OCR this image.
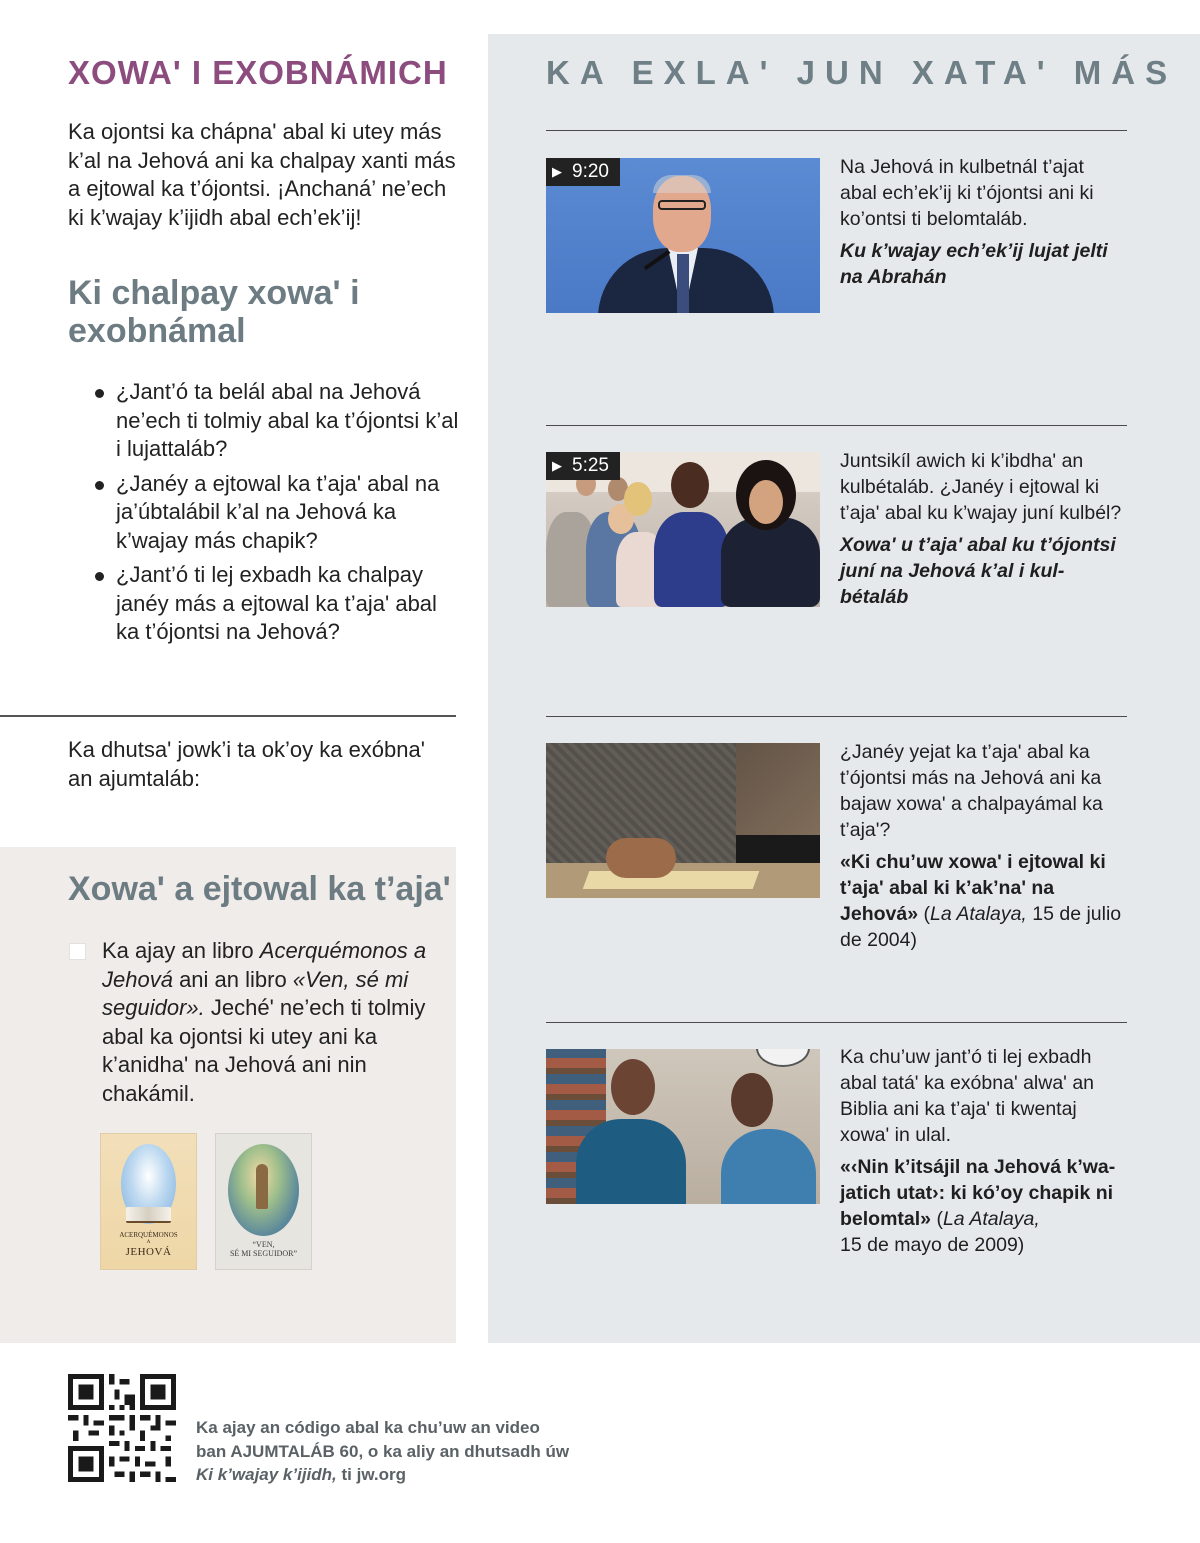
XOWA' I EXOBNÁMICH
Ka ojontsi ka chápna' abal ki utey más k’al na Jehová ani ka chalpay xanti más a ejtowal ka t’ójontsi. ¡Anchaná’ ne’ech ki k’wajay k’ijidh abal ech’ek’ij!
Ki chalpay xowa' i exobnámal
¿Jant’ó ta belál abal na Jehová ne’ech ti tolmiy abal ka t’ójontsi k’al i lujattaláb?
¿Janéy a ejtowal ka t’aja' abal na ja’úbtalábil k’al na Jehová ka k’wajay más chapik?
¿Jant’ó ti lej exbadh ka chalpay janéy más a ejtowal ka t’aja' abal ka t’ójontsi na Jehová?
Ka dhutsa' jowk’i ta ok’oy ka exóbna' an ajumtaláb:
Xowa' a ejtowal ka t’aja'
Ka ajay an libro Acerquémonos a Jehová ani an libro «Ven, sé mi seguidor». Jeché' ne’ech ti tolmiy abal ka ojontsi ki utey ani ka k’anidha' na Jehová ani nin chakámil.
ACERQUÉMONOS
A
JEHOVÁ
“VEN,
SÉ MI SEGUIDOR”
KA EXLA' JUN XATA' MÁS
▶ 9:20	Na Jehová in kulbetnál t’ajat abal ech’ek’ij ki t’ójontsi ani ki ko’ontsi ti belomtaláb.
Ku k’wajay ech’ek’ij lujat jelti na Abrahán
▶ 5:25	Juntsikíl awich ki k’ibdha' an kulbétaláb. ¿Janéy i ejtowal ki t’aja' abal ku k’wajay juní kulbél?
Xowa' u t’aja' abal ku t’ójontsi juní na Jehová k’al i kul-bétaláb
¿Janéy yejat ka t’aja' abal ka t’ójontsi más na Jehová ani ka bajaw xowa' a chalpayámal ka t’aja'?
«Ki chu’uw xowa' i ejtowal ki t’aja' abal ki k’ak’na' na Jehová» (La Atalaya, 15 de julio de 2004)
Ka chu’uw jant’ó ti lej exbadh abal tatá' ka exóbna' alwa' an Biblia ani ka t’aja' ti kwentaj xowa' in ulal.
«‹Nin k’itsájil na Jehová k’wa-jatich utat›: ki kó’oy chapik ni belomtal» (La Atalaya,
15 de mayo de 2009)
Ka ajay an código abal ka chu’uw an video
ban AJUMTALÁB 60, o ka aliy an dhutsadh úw
Ki k’wajay k’ijidh, ti jw.org
